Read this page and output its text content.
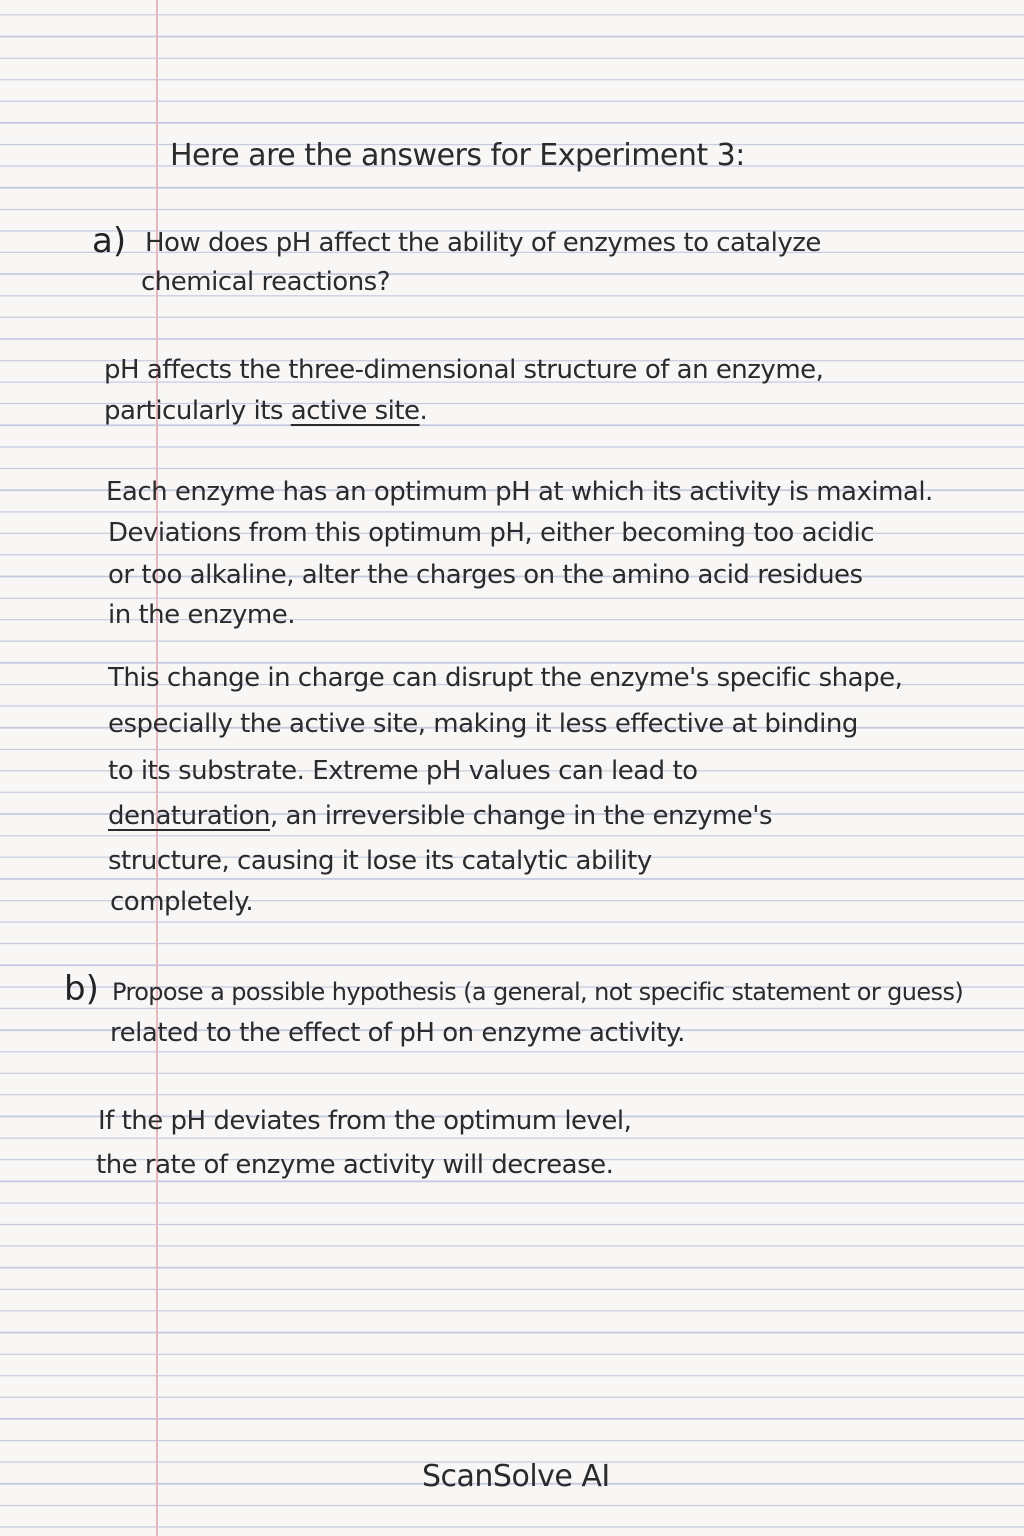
Here are the answers for Experiment 3:

a) How does pH affect the ability of enzymes to catalyze

chemical reactions?

pH affects the three-dimensional structure of an enzyme,

particularly its active site.

Each enzyme has an optimum pH at which its activity is maximal.

Deviations from this optimum pH, either becoming too acidic

or too alkaline, alter the charges on the amino acid residues

in the enzyme.

This change in charge can disrupt the enzyme's specific shape,

especially the active site, making it less effective at binding

to its substrate. Extreme pH values can lead to

denaturation, an irreversible change in the enzyme's

structure, causing it lose its catalytic ability

completely.

b) Propose a possible hypothesis (a general, not specific statement or guess)

related to the effect of pH on enzyme activity.

If the pH deviates from the optimum level,

the rate of enzyme activity will decrease.

ScanSolve AI
